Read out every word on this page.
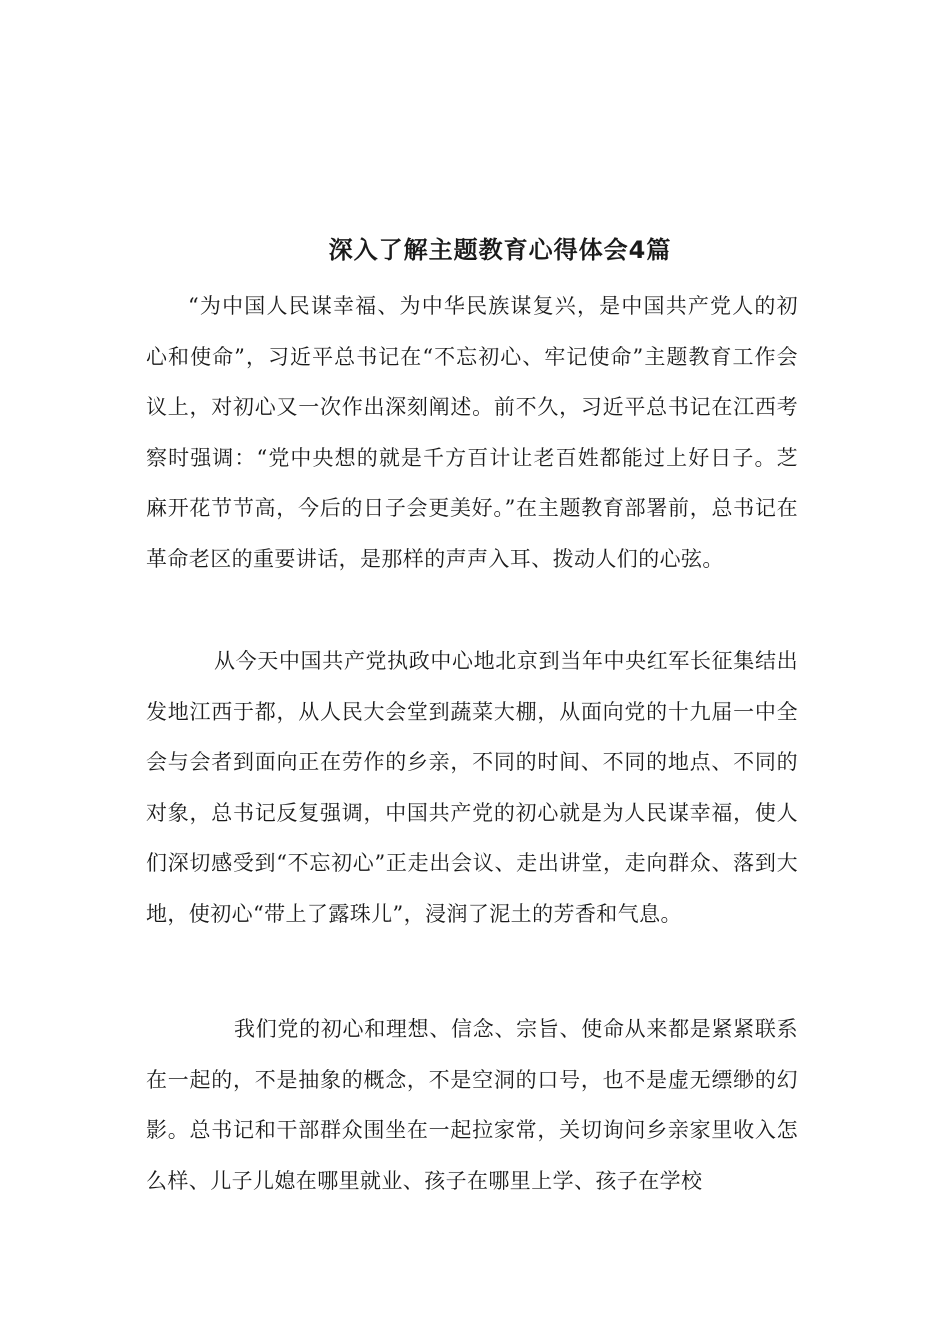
深入了解主题教育心得体会4篇

“为中国人民谋幸福、为中华民族谋复兴，是中国共产党人的初心和使命”，习近平总书记在“不忘初心、牢记使命”主题教育工作会议上，对初心又一次作出深刻阐述。前不久，习近平总书记在江西考察时强调：“党中央想的就是千方百计让老百姓都能过上好日子。芝麻开花节节高，今后的日子会更美好。”在主题教育部署前，总书记在革命老区的重要讲话，是那样的声声入耳、拨动人们的心弦。

从今天中国共产党执政中心地北京到当年中央红军长征集结出发地江西于都，从人民大会堂到蔬菜大棚，从面向党的十九届一中全会与会者到面向正在劳作的乡亲，不同的时间、不同的地点、不同的对象，总书记反复强调，中国共产党的初心就是为人民谋幸福，使人们深切感受到“不忘初心”正走出会议、走出讲堂，走向群众、落到大地，使初心“带上了露珠儿”，浸润了泥土的芳香和气息。

我们党的初心和理想、信念、宗旨、使命从来都是紧紧联系在一起的，不是抽象的概念，不是空洞的口号，也不是虚无缥缈的幻影。总书记和干部群众围坐在一起拉家常，关切询问乡亲家里收入怎么样、儿子儿媳在哪里就业、孩子在哪里上学、孩子在学校
